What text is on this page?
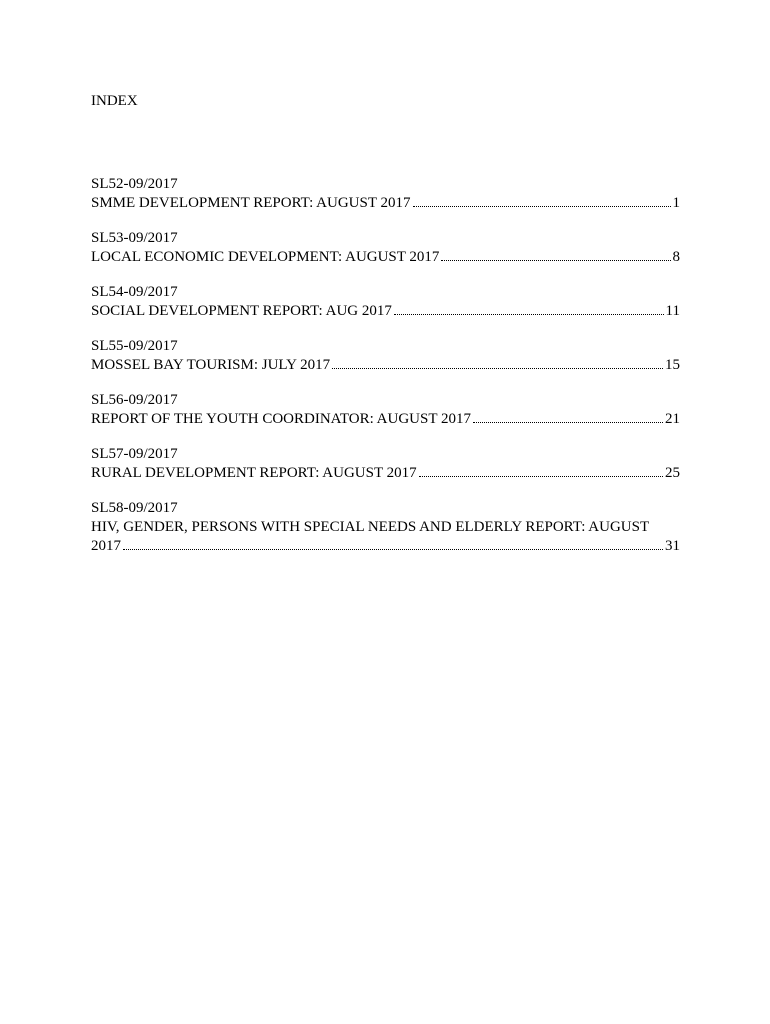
INDEX
SL52-09/2017
SMME DEVELOPMENT REPORT: AUGUST 2017	1
SL53-09/2017
LOCAL ECONOMIC DEVELOPMENT: AUGUST 2017	8
SL54-09/2017
SOCIAL DEVELOPMENT REPORT: AUG 2017	11
SL55-09/2017
MOSSEL BAY TOURISM: JULY 2017	15
SL56-09/2017
REPORT OF THE YOUTH COORDINATOR: AUGUST 2017	21
SL57-09/2017
RURAL DEVELOPMENT REPORT: AUGUST 2017	25
SL58-09/2017
HIV, GENDER, PERSONS WITH SPECIAL NEEDS AND ELDERLY REPORT: AUGUST
2017	31
